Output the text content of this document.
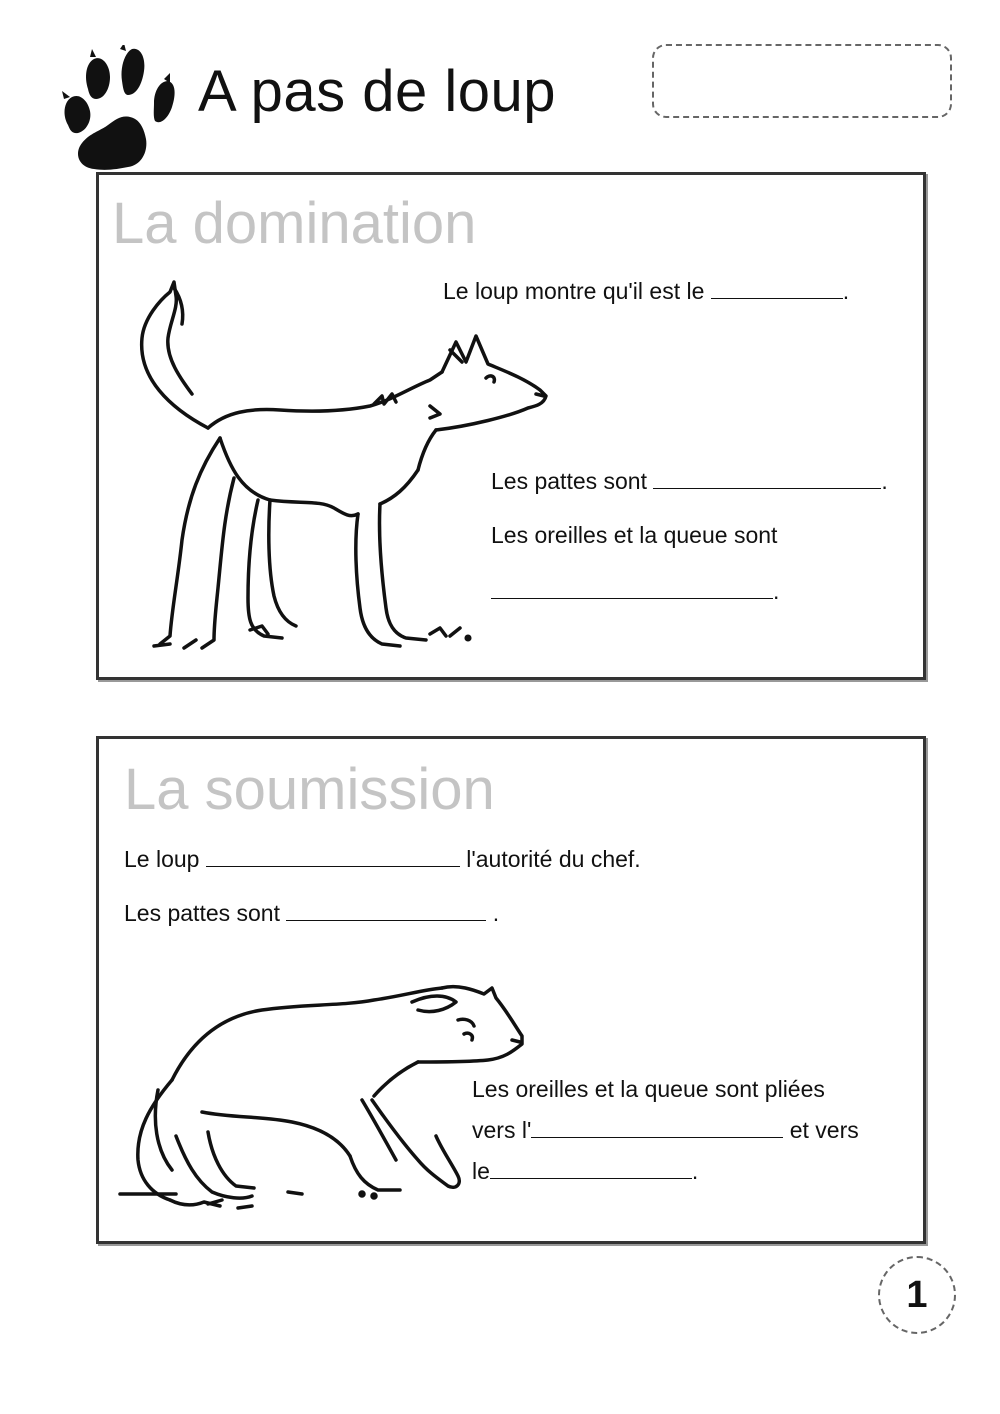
A pas de loup
La domination
Le loup montre qu'il est le	.
Les pattes sont	.
Les oreilles et la queue sont
.
La soumission
Le loup	l'autorité du chef.
Les pattes sont	.
Les oreilles et la queue sont pliées
vers l'	et vers
le	.
1
